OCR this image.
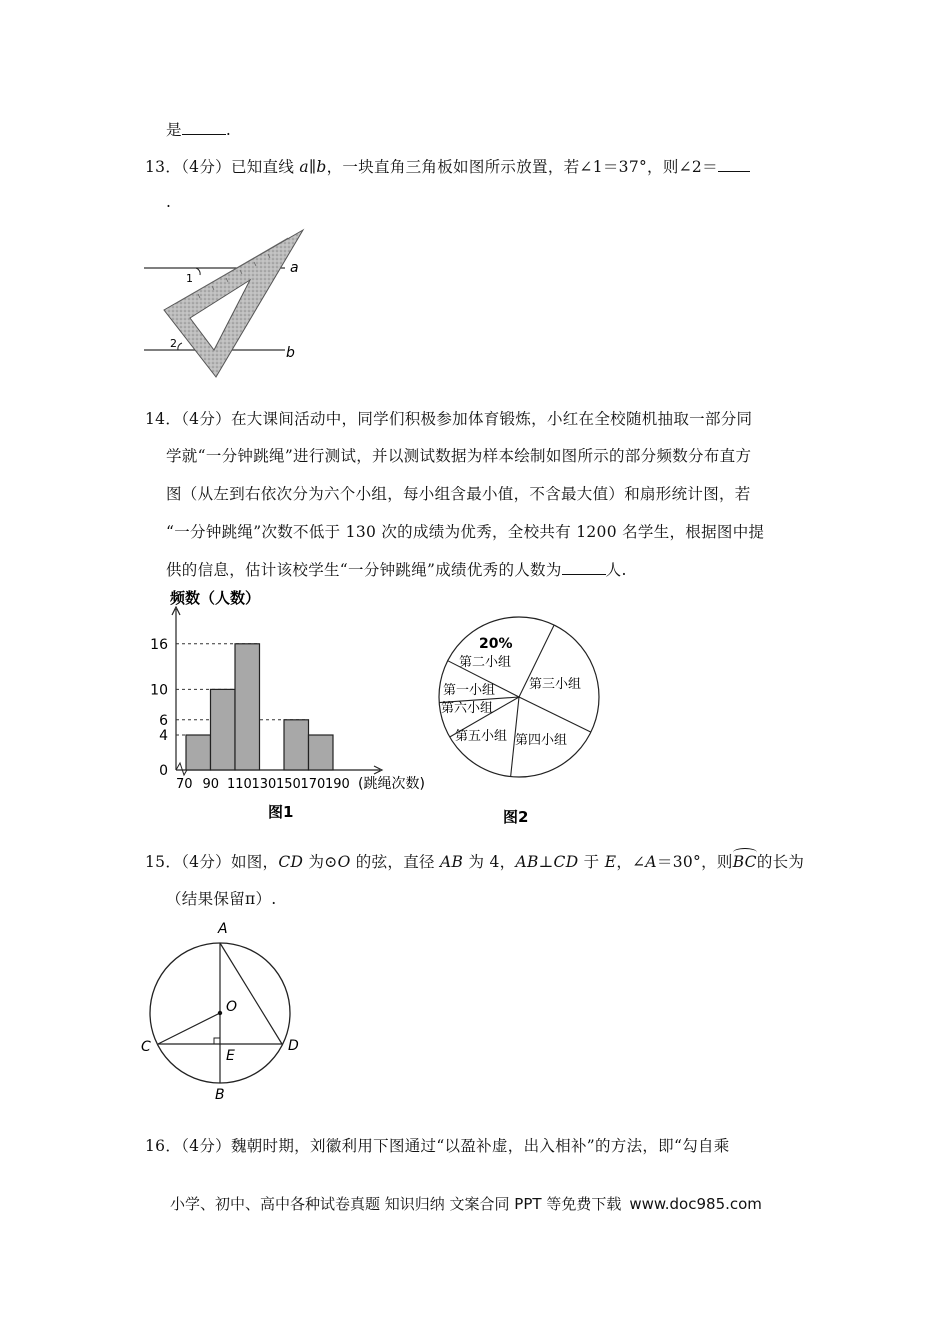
是	.
13．（4分）已知直线 a∥b，一块直角三角板如图所示放置，若∠1＝37°，则∠2＝
.
1
2
a
b
14．（4分）在大课间活动中，同学们积极参加体育锻炼，小红在全校随机抽取一部分同
学就“一分钟跳绳”进行测试，并以测试数据为样本绘制如图所示的部分频数分布直方
图（从左到右依次分为六个小组，每小组含最小值，不含最大值）和扇形统计图，若
“一分钟跳绳”次数不低于 130 次的成绩为优秀，全校共有 1200 名学生，根据图中提
供的信息，估计该校学生“一分钟跳绳”成绩优秀的人数为	人.
频数（人数）
0
4
6
10
16
70 90 110 130 150 170 190 (跳绳次数)
图1
20%
第二小组
第三小组
第四小组
第五小组
第六小组
第一小组
图2
15．（4分）如图，CD 为⊙O 的弦，直径 AB 为 4，AB⊥CD 于 E，∠A＝30°，则BC的长为
（结果保留π）.
A
B
C	D
E
O
16．（4分）魏朝时期，刘徽利用下图通过“以盈补虚，出入相补”的方法，即“勾自乘
小学、初中、高中各种试卷真题 知识归纳 文案合同 PPT 等免费下载 www.doc985.com
